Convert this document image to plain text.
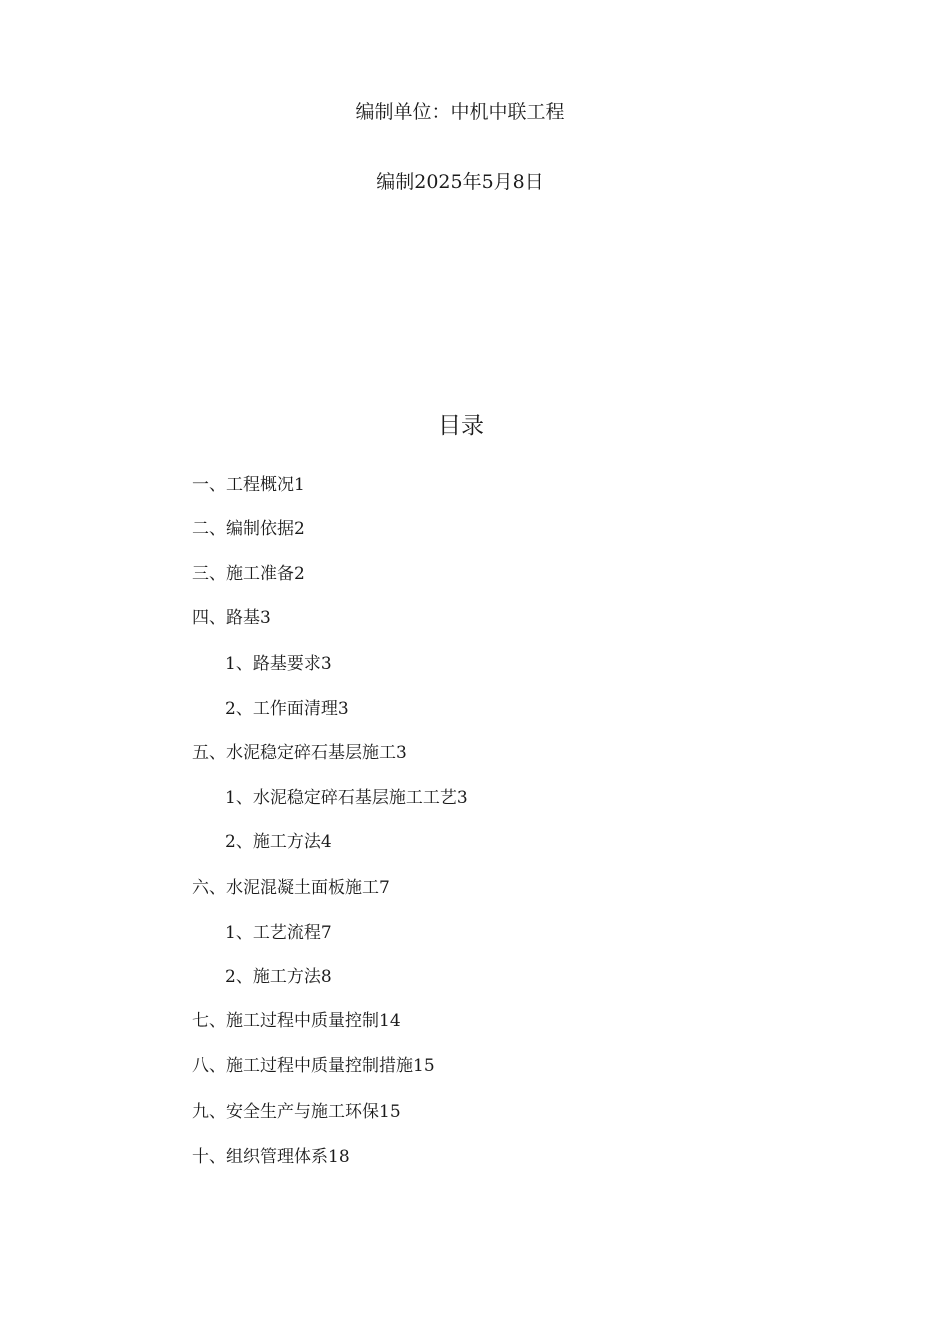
编制单位：中机中联工程
编制2025年5月8日
目录
一、工程概况1
二、编制依据2
三、施工准备2
四、路基3
1、路基要求3
2、工作面清理3
五、水泥稳定碎石基层施工3
1、水泥稳定碎石基层施工工艺3
2、施工方法4
六、水泥混凝土面板施工7
1、工艺流程7
2、施工方法8
七、施工过程中质量控制14
八、施工过程中质量控制措施15
九、安全生产与施工环保15
十、组织管理体系18
